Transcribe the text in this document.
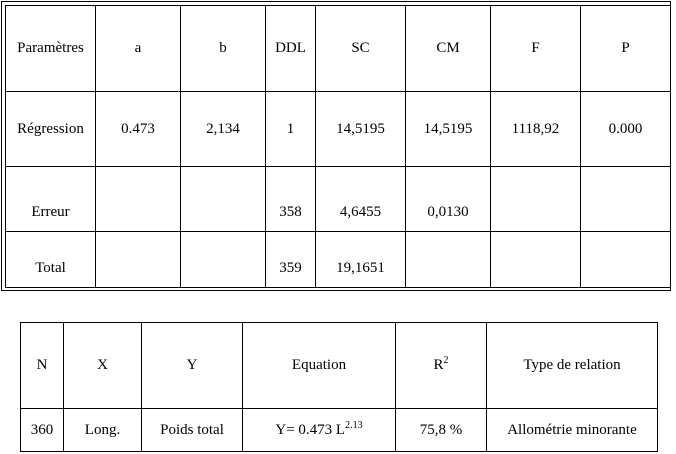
Paramètres	a	b	DDL	SC	CM	F	P
Régression	0.473	2,134	1	14,5195	14,5195	1118,92	0.000
Erreur			358	4,6455	0,0130		
Total			359	19,1651			
N	X	Y	Equation	$R^2$	Type de relation
360	Long.	Poids total	Y= 0.473 $L^{2.13}$	75,8 %	Allométrie minorante
